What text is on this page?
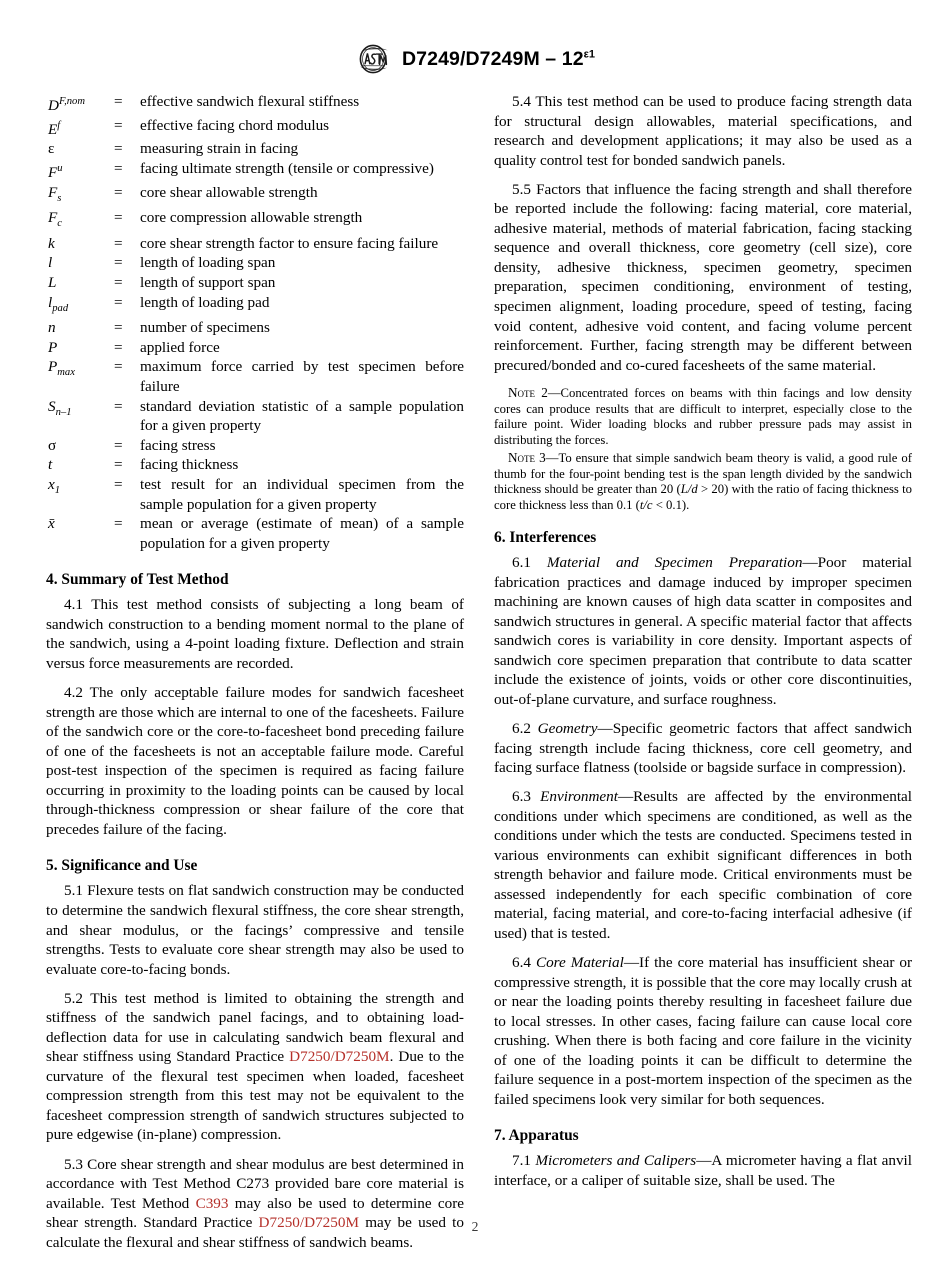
$D7249/D7249M - 12^{\varepsilon 1}$
$D^{F,nom}$	=	effective sandwich flexural stiffness
$E^f$	=	effective facing chord modulus
ε	=	measuring strain in facing
$F^u$	=	facing ultimate strength (tensile or compressive)
$F_s$	=	core shear allowable strength
$F_c$	=	core compression allowable strength
k	=	core shear strength factor to ensure facing failure
l	=	length of loading span
L	=	length of support span
$l_{pad}$	=	length of loading pad
n	=	number of specimens
P	=	applied force
$P_{max}$	=	maximum force carried by test specimen before failure
$S_{n-1}$	=	standard deviation statistic of a sample population for a given property
σ	=	facing stress
t	=	facing thickness
$x_1$	=	test result for an individual specimen from the sample population for a given property
x̄	=	mean or average (estimate of mean) of a sample population for a given property
4. Summary of Test Method

4.1 This test method consists of subjecting a long beam of sandwich construction to a bending moment normal to the plane of the sandwich, using a 4-point loading fixture. Deflection and strain versus force measurements are recorded.

4.2 The only acceptable failure modes for sandwich facesheet strength are those which are internal to one of the facesheets. Failure of the sandwich core or the core-to-facesheet bond preceding failure of one of the facesheets is not an acceptable failure mode. Careful post-test inspection of the specimen is required as facing failure occurring in proximity to the loading points can be caused by local through-thickness compression or shear failure of the core that precedes failure of the facing.

5. Significance and Use

5.1 Flexure tests on flat sandwich construction may be conducted to determine the sandwich flexural stiffness, the core shear strength, and shear modulus, or the facings’ compressive and tensile strengths. Tests to evaluate core shear strength may also be used to evaluate core-to-facing bonds.

5.2 This test method is limited to obtaining the strength and stiffness of the sandwich panel facings, and to obtaining load-deflection data for use in calculating sandwich beam flexural and shear stiffness using Standard Practice D7250/D7250M. Due to the curvature of the flexural test specimen when loaded, facesheet compression strength from this test may not be equivalent to the facesheet compression strength of sandwich structures subjected to pure edgewise (in-plane) compression.

5.3 Core shear strength and shear modulus are best determined in accordance with Test Method C273 provided bare core material is available. Test Method C393 may also be used to determine core shear strength. Standard Practice D7250/D7250M may be used to calculate the flexural and shear stiffness of sandwich beams.

5.4 This test method can be used to produce facing strength data for structural design allowables, material specifications, and research and development applications; it may also be used as a quality control test for bonded sandwich panels.

5.5 Factors that influence the facing strength and shall therefore be reported include the following: facing material, core material, adhesive material, methods of material fabrication, facing stacking sequence and overall thickness, core geometry (cell size), core density, adhesive thickness, specimen geometry, specimen preparation, specimen conditioning, environment of testing, specimen alignment, loading procedure, speed of testing, facing void content, adhesive void content, and facing volume percent reinforcement. Further, facing strength may be different between precured/bonded and co-cured facesheets of the same material.

Note 2—Concentrated forces on beams with thin facings and low density cores can produce results that are difficult to interpret, especially close to the failure point. Wider loading blocks and rubber pressure pads may assist in distributing the forces.

Note 3—To ensure that simple sandwich beam theory is valid, a good rule of thumb for the four-point bending test is the span length divided by the sandwich thickness should be greater than 20 (L/d > 20) with the ratio of facing thickness to core thickness less than 0.1 (t/c < 0.1).

6. Interferences

6.1 Material and Specimen Preparation—Poor material fabrication practices and damage induced by improper specimen machining are known causes of high data scatter in composites and sandwich structures in general. A specific material factor that affects sandwich cores is variability in core density. Important aspects of sandwich core specimen preparation that contribute to data scatter include the existence of joints, voids or other core discontinuities, out-of-plane curvature, and surface roughness.

6.2 Geometry—Specific geometric factors that affect sandwich facing strength include facing thickness, core cell geometry, and facing surface flatness (toolside or bagside surface in compression).

6.3 Environment—Results are affected by the environmental conditions under which specimens are conditioned, as well as the conditions under which the tests are conducted. Specimens tested in various environments can exhibit significant differences in both strength behavior and failure mode. Critical environments must be assessed independently for each specific combination of core material, facing material, and core-to-facing interfacial adhesive (if used) that is tested.

6.4 Core Material—If the core material has insufficient shear or compressive strength, it is possible that the core may locally crush at or near the loading points thereby resulting in facesheet failure due to local stresses. In other cases, facing failure can cause local core crushing. When there is both facing and core failure in the vicinity of one of the loading points it can be difficult to determine the failure sequence in a post-mortem inspection of the specimen as the failed specimens look very similar for both sequences.

7. Apparatus

7.1 Micrometers and Calipers—A micrometer having a flat anvil interface, or a caliper of suitable size, shall be used. The

2
